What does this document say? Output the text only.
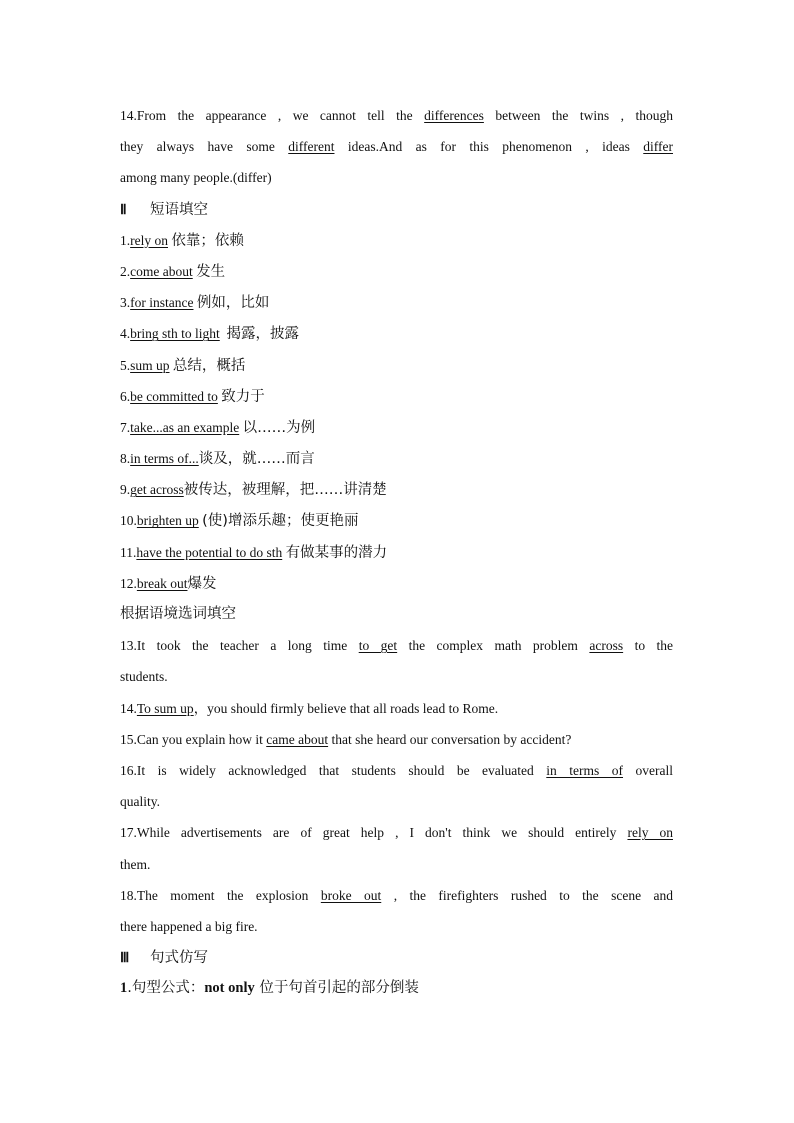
14.From the appearance , we cannot tell the differences between the twins , though
they always have some different ideas.And as for this phenomenon , ideas differ
among many people.(differ)
Ⅱ 短语填空
1.rely on 依靠；依赖
2.come about 发生
3.for instance 例如，比如
4.bring sth to light 揭露，披露
5.sum up 总结，概括
6.be committed to 致力于
7.take...as an example 以……为例
8.in terms of...谈及，就……而言
9.get across被传达，被理解，把……讲清楚
10.brighten up (使)增添乐趣；使更艳丽
11.have the potential to do sth 有做某事的潜力
12.break out爆发
根据语境选词填空
13.It took the teacher a long time to get the complex math problem across to the
students.
14.To sum up，you should firmly believe that all roads lead to Rome.
15.Can you explain how it came about that she heard our conversation by accident?
16.It is widely acknowledged that students should be evaluated in terms of overall
quality.
17.While advertisements are of great help , I don't think we should entirely rely on
them.
18.The moment the explosion broke out , the firefighters rushed to the scene and
there happened a big fire.
Ⅲ 句式仿写
1.句型公式：not only 位于句首引起的部分倒装
